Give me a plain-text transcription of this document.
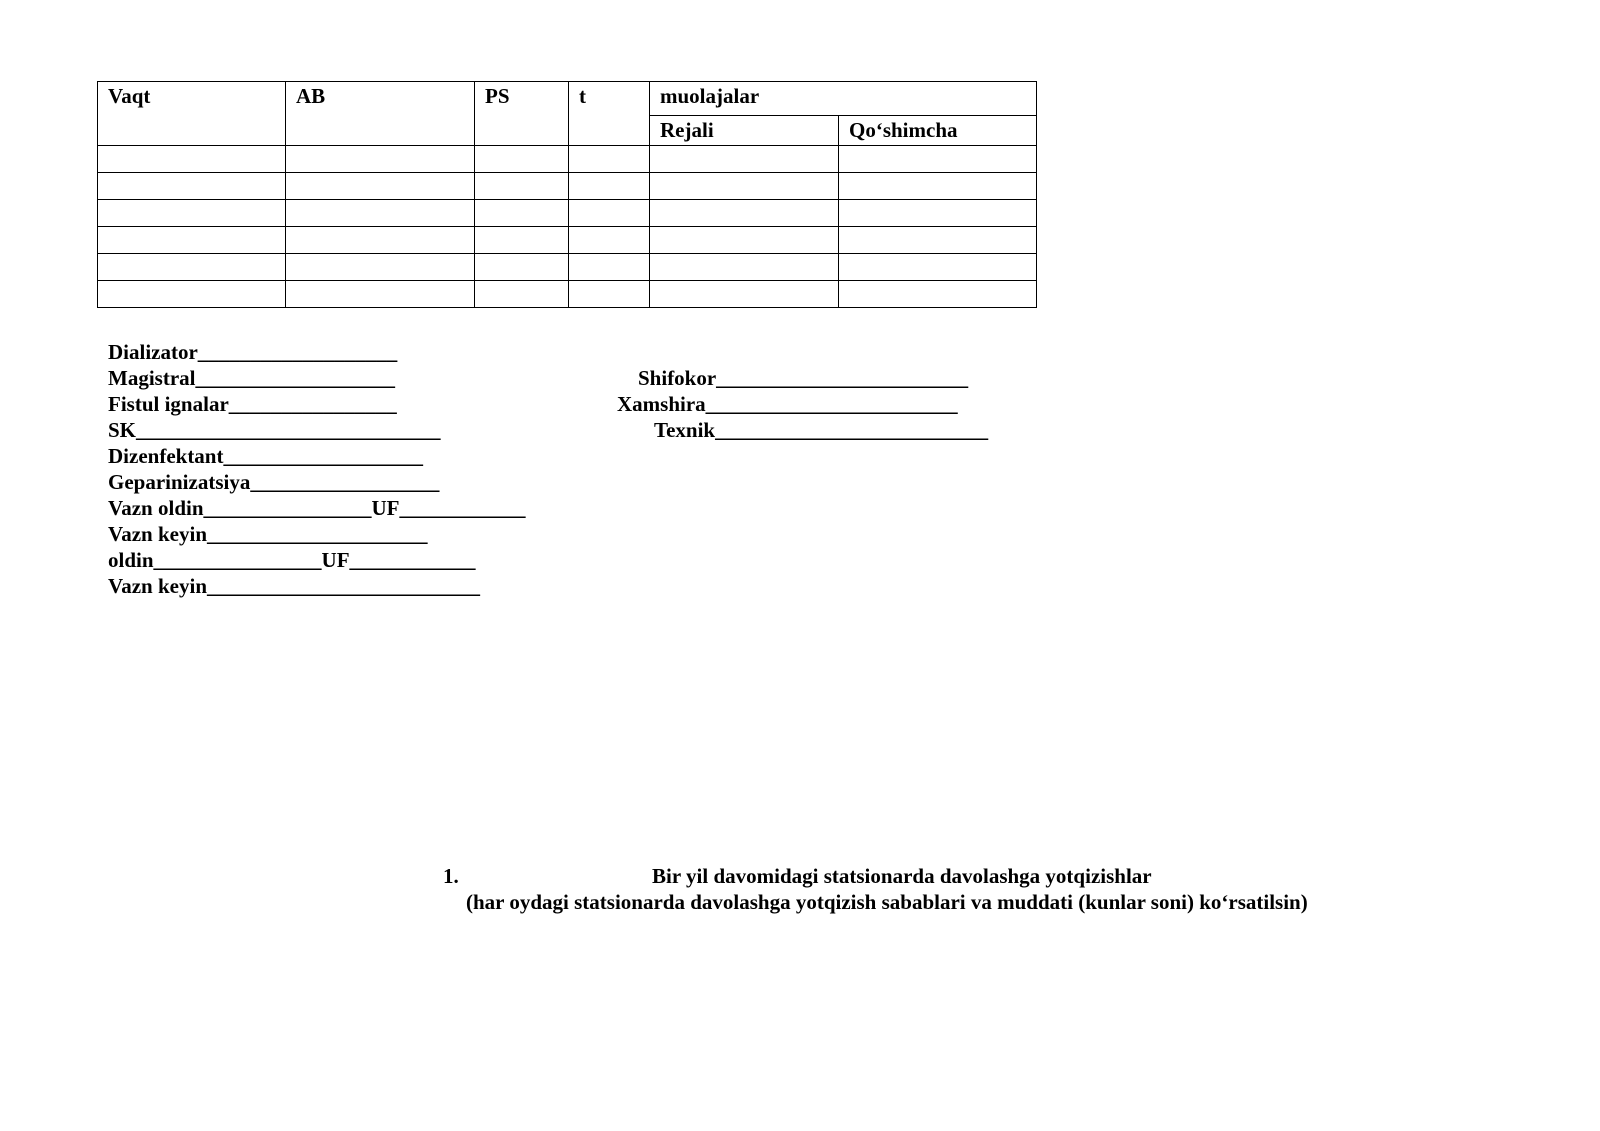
Vaqt	AB	PS	t	muolajalar	
				Rejali	Qo‘shimcha

Dializator___________________
Magistral___________________
Fistul ignalar________________
SK_____________________________
Dizenfektant___________________
Geparinizatsiya__________________
Vazn oldin________________UF____________
Vazn keyin_____________________
oldin________________UF____________
Vazn keyin__________________________
Shifokor________________________
Xamshira________________________
Texnik__________________________
1.	Bir yil davomidagi statsionarda davolashga yotqizishlar
(har oydagi statsionarda davolashga yotqizish sabablari va muddati (kunlar soni) ko‘rsatilsin)
